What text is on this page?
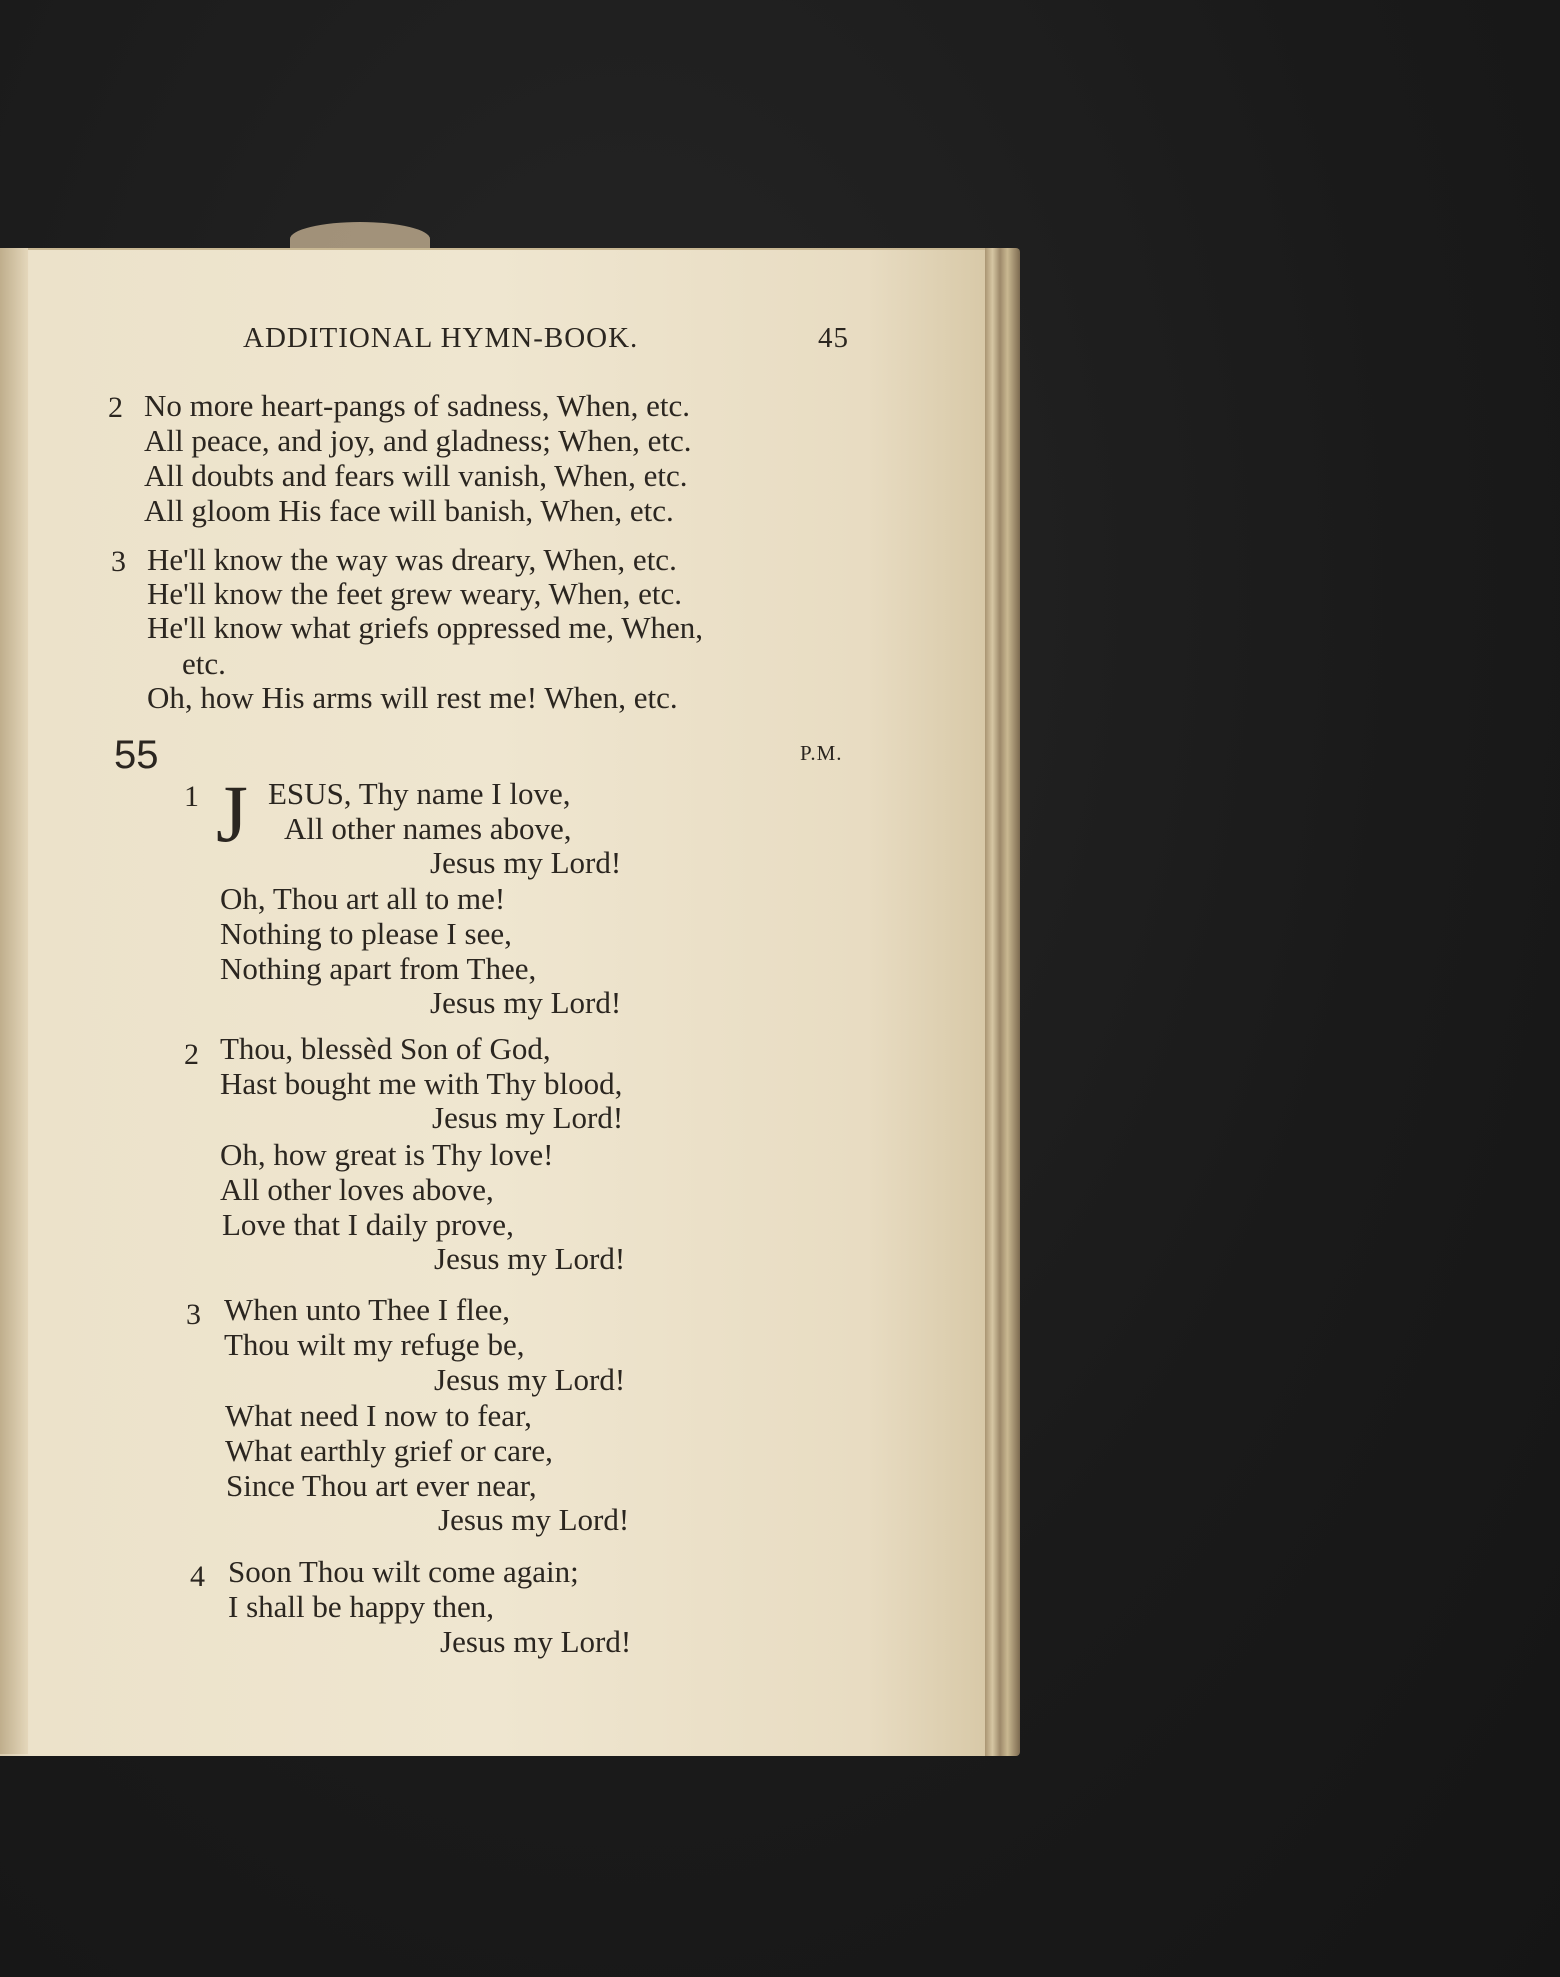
ADDITIONAL HYMN-BOOK.	45
2 No more heart-pangs of sadness, When, etc.
All peace, and joy, and gladness; When, etc.
All doubts and fears will vanish, When, etc.
All gloom His face will banish, When, etc.
3 He'll know the way was dreary, When, etc.
He'll know the feet grew weary, When, etc.
He'll know what griefs oppressed me, When,
etc.
Oh, how His arms will rest me! When, etc.
55	P.M.
1 J ESUS, Thy name I love,
All other names above,
Jesus my Lord!
Oh, Thou art all to me!
Nothing to please I see,
Nothing apart from Thee,
Jesus my Lord!
2 Thou, blessèd Son of God,
Hast bought me with Thy blood,
Jesus my Lord!
Oh, how great is Thy love!
All other loves above,
Love that I daily prove,
Jesus my Lord!
3 When unto Thee I flee,
Thou wilt my refuge be,
Jesus my Lord!
What need I now to fear,
What earthly grief or care,
Since Thou art ever near,
Jesus my Lord!
4 Soon Thou wilt come again;
I shall be happy then,
Jesus my Lord!
